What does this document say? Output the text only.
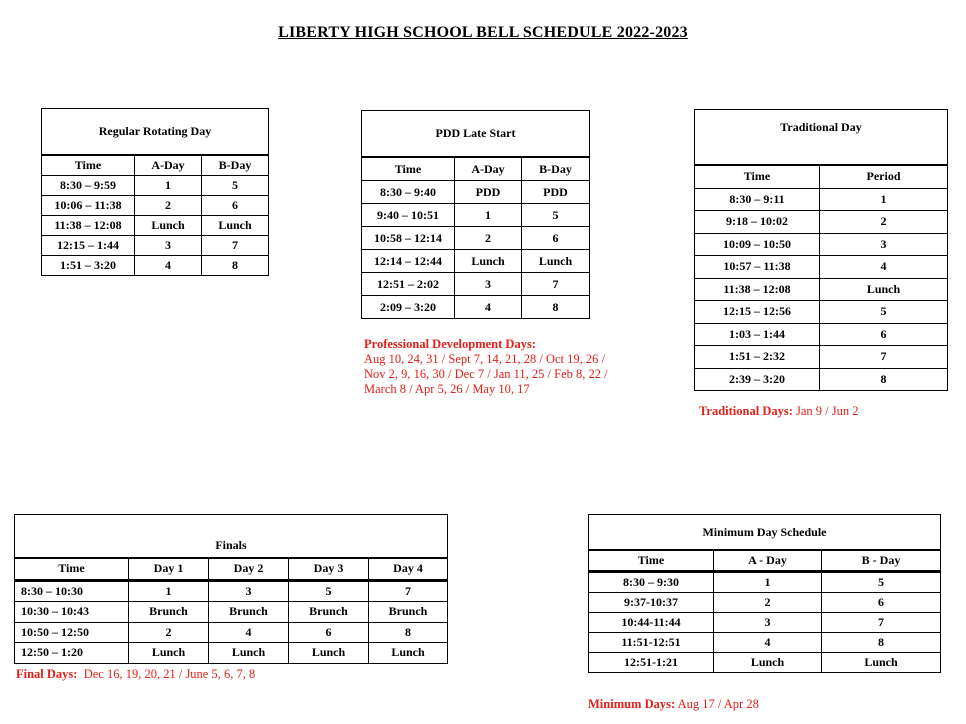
LIBERTY HIGH SCHOOL BELL SCHEDULE 2022-2023
Regular Rotating Day		
Time	A-Day	B-Day
8:30 – 9:59	1	5
10:06 – 11:38	2	6
11:38 – 12:08	Lunch	Lunch
12:15 – 1:44	3	7
1:51 – 3:20	4	8
PDD Late Start		
Time	A-Day	B-Day
8:30 – 9:40	PDD	PDD
9:40 – 10:51	1	5
10:58 – 12:14	2	6
12:14 – 12:44	Lunch	Lunch
12:51 – 2:02	3	7
2:09 – 3:20	4	8
Professional Development Days:
Aug 10, 24, 31 / Sept 7, 14, 21, 28 / Oct 19, 26 /
Nov 2, 9, 16, 30 / Dec 7 / Jan 11, 25 / Feb 8, 22 /
March 8 / Apr 5, 26 / May 10, 17
Traditional Day	
Time	Period
8:30 – 9:11	1
9:18 – 10:02	2
10:09 – 10:50	3
10:57 – 11:38	4
11:38 – 12:08	Lunch
12:15 – 12:56	5
1:03 – 1:44	6
1:51 – 2:32	7
2:39 – 3:20	8
Traditional Days: Jan 9 / Jun 2
Finals				
Time	Day 1	Day 2	Day 3	Day 4
8:30 – 10:30	1	3	5	7
10:30 – 10:43	Brunch	Brunch	Brunch	Brunch
10:50 – 12:50	2	4	6	8
12:50 – 1:20	Lunch	Lunch	Lunch	Lunch
Final Days: Dec 16, 19, 20, 21 / June 5, 6, 7, 8
Minimum Day Schedule		
Time	A - Day	B - Day
8:30 – 9:30	1	5
9:37-10:37	2	6
10:44-11:44	3	7
11:51-12:51	4	8
12:51-1:21	Lunch	Lunch
Minimum Days: Aug 17 / Apr 28
